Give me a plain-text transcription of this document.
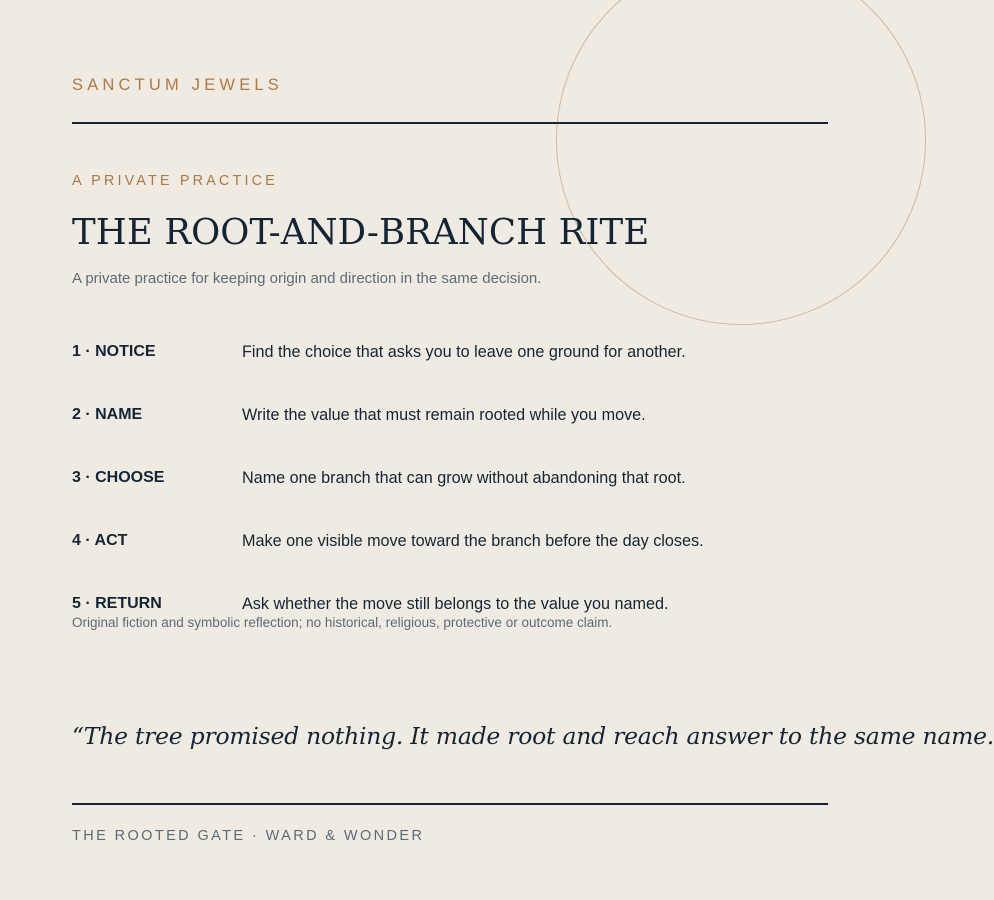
SANCTUM JEWELS
A PRIVATE PRACTICE
THE ROOT-AND-BRANCH RITE
A private practice for keeping origin and direction in the same decision.
1 · NOTICE	Find the choice that asks you to leave one ground for another.
2 · NAME	Write the value that must remain rooted while you move.
3 · CHOOSE	Name one branch that can grow without abandoning that root.
4 · ACT	Make one visible move toward the branch before the day closes.
5 · RETURN	Ask whether the move still belongs to the value you named.
Original fiction and symbolic reflection; no historical, religious, protective or outcome claim.
“The tree promised nothing. It made root and reach answer to the same name.
THE ROOTED GATE · WARD & WONDER
